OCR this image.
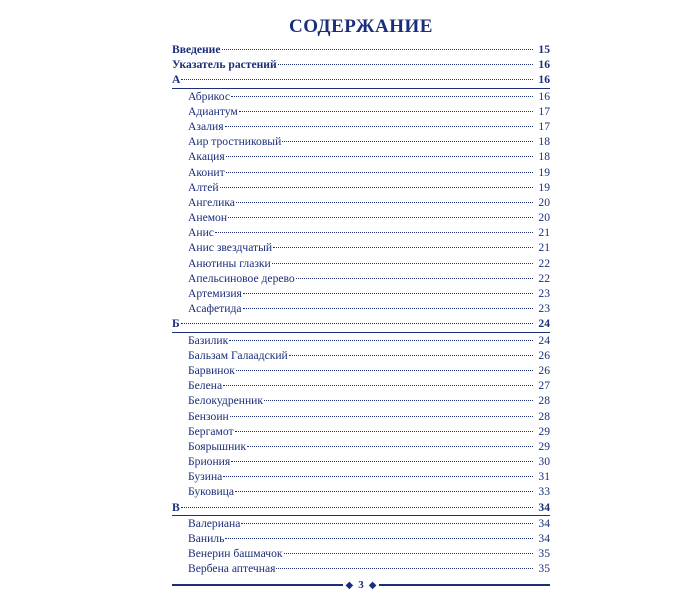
СОДЕРЖАНИЕ
Введение	15
Указатель растений	16
А	16
Абрикос	16
Адиантум	17
Азалия	17
Аир тростниковый	18
Акация	18
Аконит	19
Алтей	19
Ангелика	20
Анемон	20
Анис	21
Анис звездчатый	21
Анютины глазки	22
Апельсиновое дерево	22
Артемизия	23
Асафетида	23
Б	24
Базилик	24
Бальзам Галаадский	26
Барвинок	26
Белена	27
Белокудренник	28
Бензоин	28
Бергамот	29
Боярышник	29
Бриония	30
Бузина	31
Буковица	33
В	34
Валериана	34
Ваниль	34
Венерин башмачок	35
Вербена аптечная	35
◆ 3 ◆
